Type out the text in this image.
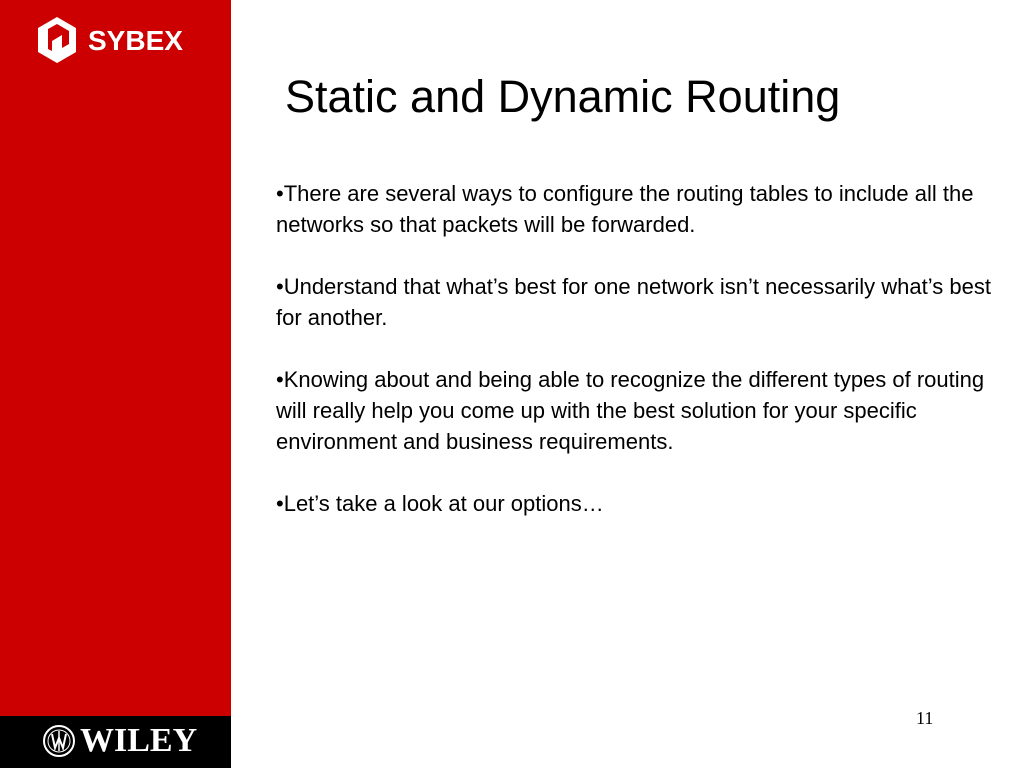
SYBEX
WILEY
Static and Dynamic Routing

•There are several ways to configure the routing tables to include all the networks so that packets will be forwarded.

•Understand that what’s best for one network isn’t necessarily what’s best for another.

•Knowing about and being able to recognize the different types of routing will really help you come up with the best solution for your specific environment and business requirements.

•Let’s take a look at our options…

11
